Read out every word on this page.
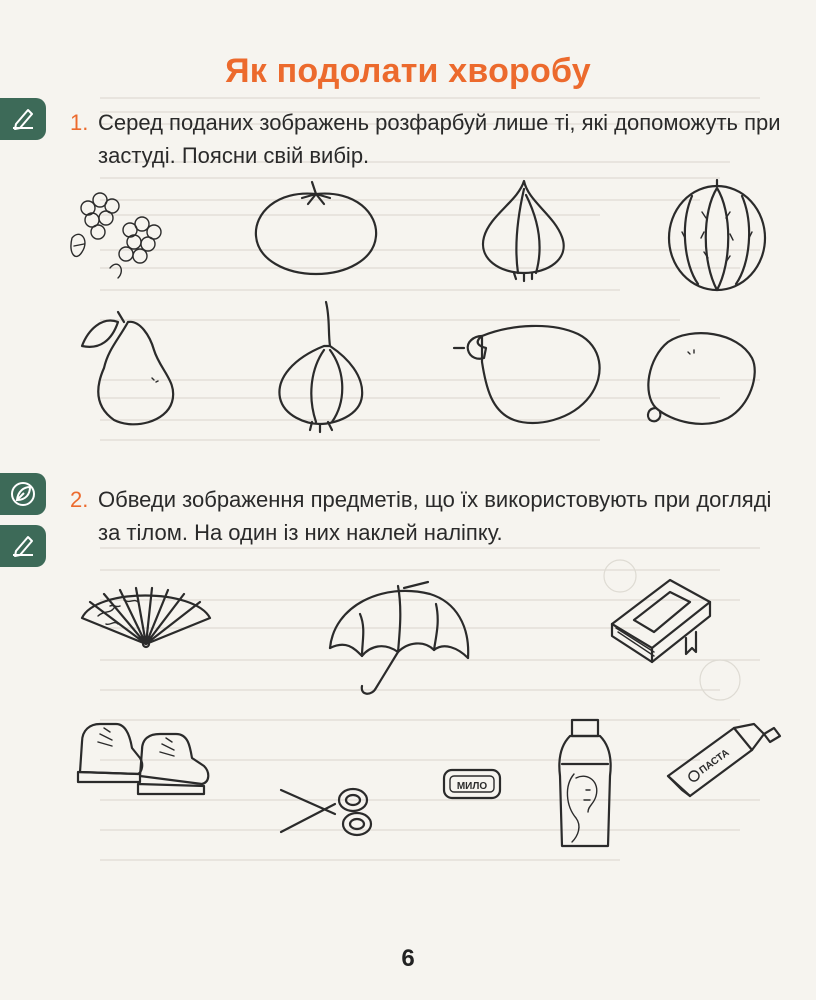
Як подолати хворобу
1. Серед поданих зображень розфарбуй лише ті, які допоможуть при застуді. Поясни свій вибір.
2. Обведи зображення предметів, що їх використовують при догляді за тілом. На один із них наклей наліпку.
МИЛО
ПАСТА
6
